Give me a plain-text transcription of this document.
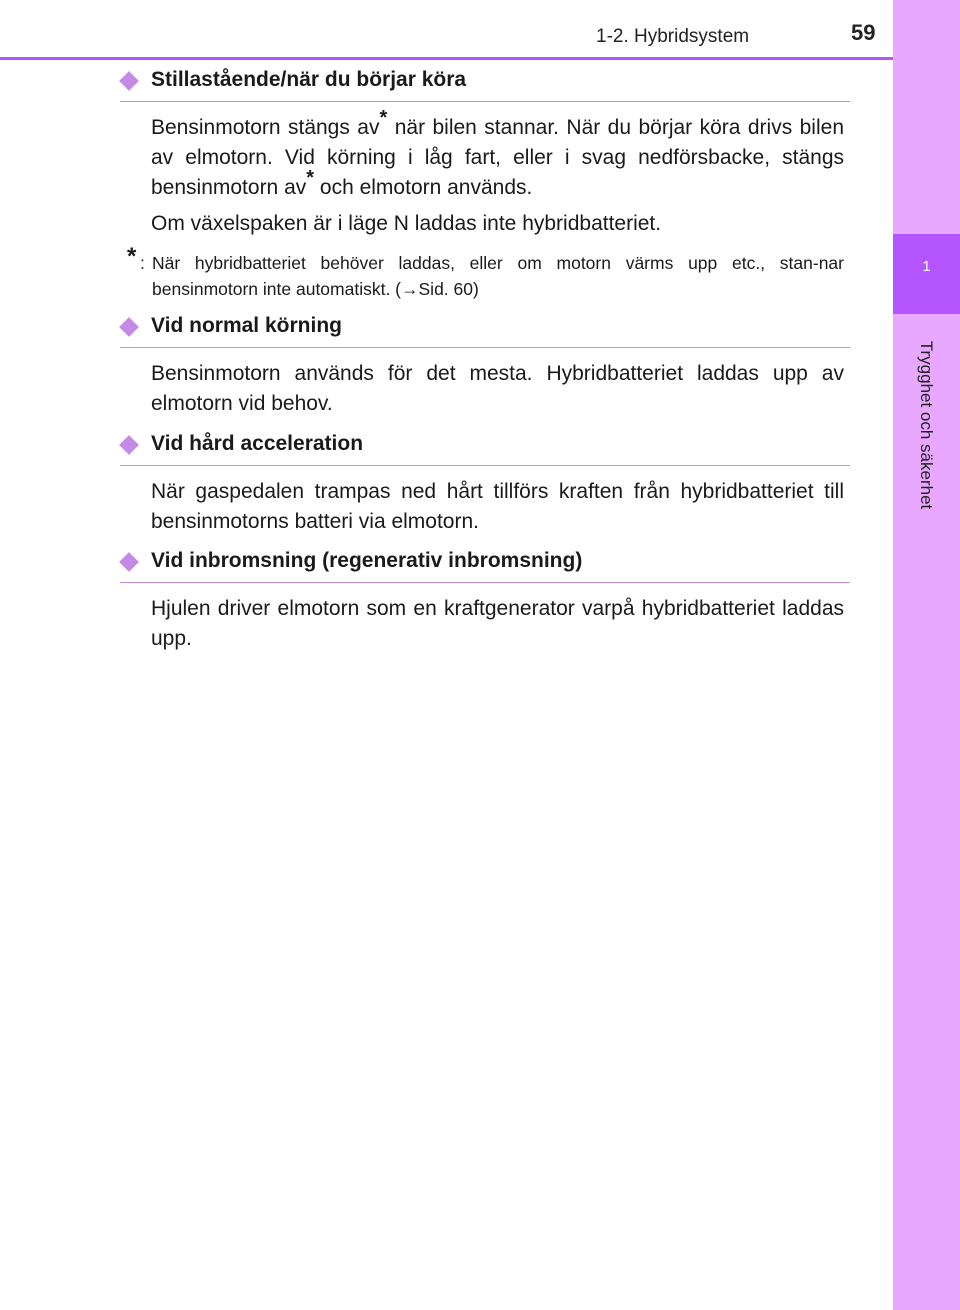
1
Trygghet och säkerhet
1-2. Hybridsystem	59
Stillastående/när du börjar köra
Bensinmotorn stängs av* när bilen stannar. När du börjar köra drivs bilen av elmotorn. Vid körning i låg fart, eller i svag nedförsbacke, stängs bensinmotorn av* och elmotorn används.
Om växelspaken är i läge N laddas inte hybridbatteriet.
* : När hybridbatteriet behöver laddas, eller om motorn värms upp etc., stan-nar bensinmotorn inte automatiskt. (→Sid. 60)
Vid normal körning
Bensinmotorn används för det mesta. Hybridbatteriet laddas upp av elmotorn vid behov.
Vid hård acceleration
När gaspedalen trampas ned hårt tillförs kraften från hybridbatteriet till bensinmotorns batteri via elmotorn.
Vid inbromsning (regenerativ inbromsning)
Hjulen driver elmotorn som en kraftgenerator varpå hybridbatteriet laddas upp.
